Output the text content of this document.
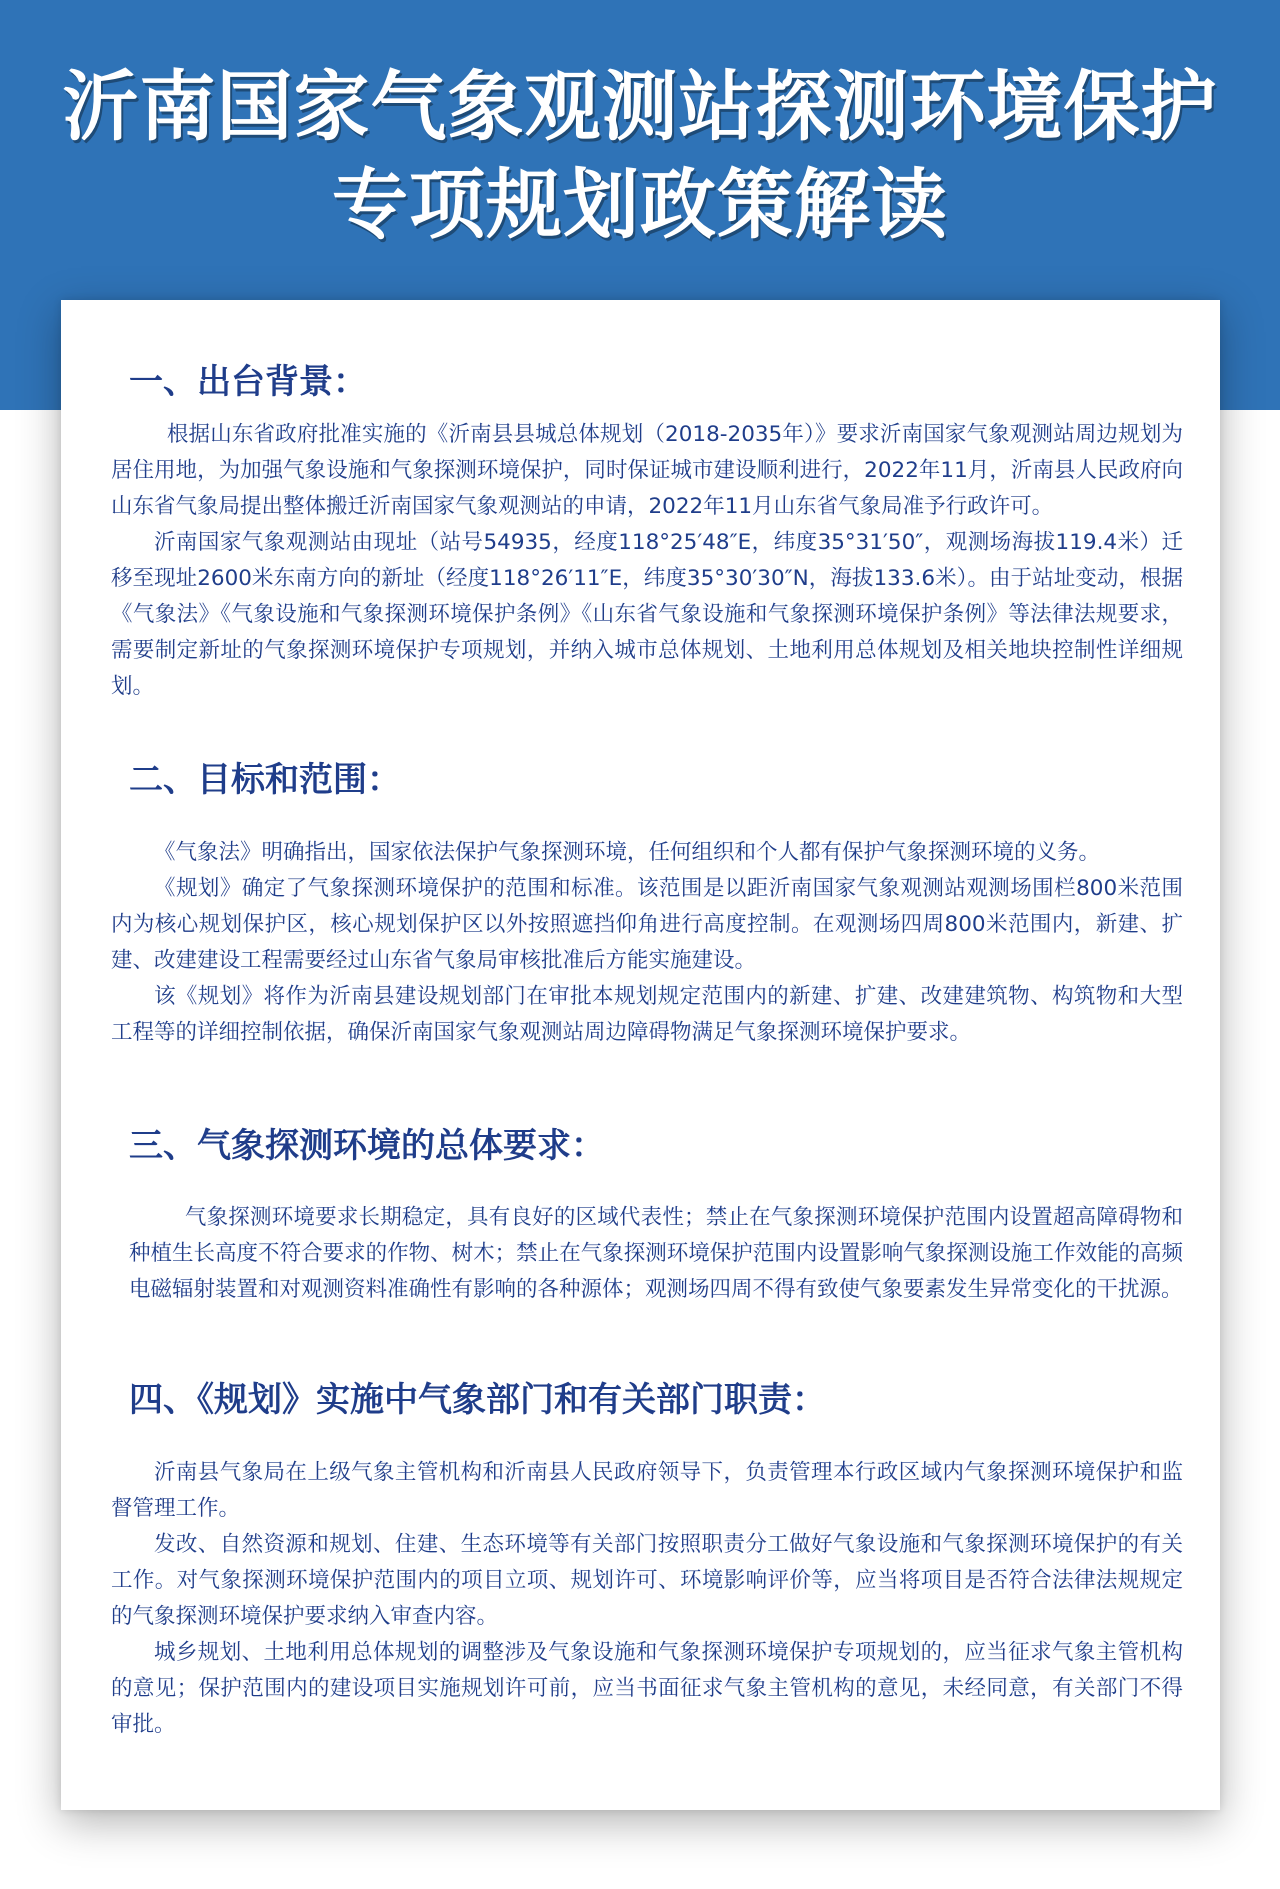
沂南国家气象观测站探测环境保护
专项规划政策解读
一、出台背景：

根据山东省政府批准实施的《沂南县县城总体规划（2018-2035年）》要求沂南国家气象观测站周边规划为居住用地，为加强气象设施和气象探测环境保护，同时保证城市建设顺利进行，2022年11月，沂南县人民政府向山东省气象局提出整体搬迁沂南国家气象观测站的申请，2022年11月山东省气象局准予行政许可。

沂南国家气象观测站由现址（站号54935，经度118°25′48″E，纬度35°31′50″，观测场海拔119.4米）迁移至现址2600米东南方向的新址（经度118°26′11″E，纬度35°30′30″N，海拔133.6米）。由于站址变动，根据《气象法》《气象设施和气象探测环境保护条例》《山东省气象设施和气象探测环境保护条例》等法律法规要求，需要制定新址的气象探测环境保护专项规划，并纳入城市总体规划、土地利用总体规划及相关地块控制性详细规划。

二、目标和范围：

《气象法》明确指出，国家依法保护气象探测环境，任何组织和个人都有保护气象探测环境的义务。

《规划》确定了气象探测环境保护的范围和标准。该范围是以距沂南国家气象观测站观测场围栏800米范围内为核心规划保护区，核心规划保护区以外按照遮挡仰角进行高度控制。在观测场四周800米范围内，新建、扩建、改建建设工程需要经过山东省气象局审核批准后方能实施建设。

该《规划》将作为沂南县建设规划部门在审批本规划规定范围内的新建、扩建、改建建筑物、构筑物和大型工程等的详细控制依据，确保沂南国家气象观测站周边障碍物满足气象探测环境保护要求。

三、气象探测环境的总体要求：

气象探测环境要求长期稳定，具有良好的区域代表性；禁止在气象探测环境保护范围内设置超高障碍物和种植生长高度不符合要求的作物、树木；禁止在气象探测环境保护范围内设置影响气象探测设施工作效能的高频电磁辐射装置和对观测资料准确性有影响的各种源体；观测场四周不得有致使气象要素发生异常变化的干扰源。

四、《规划》实施中气象部门和有关部门职责：

沂南县气象局在上级气象主管机构和沂南县人民政府领导下，负责管理本行政区域内气象探测环境保护和监督管理工作。

发改、自然资源和规划、住建、生态环境等有关部门按照职责分工做好气象设施和气象探测环境保护的有关工作。对气象探测环境保护范围内的项目立项、规划许可、环境影响评价等，应当将项目是否符合法律法规规定的气象探测环境保护要求纳入审查内容。

城乡规划、土地利用总体规划的调整涉及气象设施和气象探测环境保护专项规划的，应当征求气象主管机构的意见；保护范围内的建设项目实施规划许可前，应当书面征求气象主管机构的意见，未经同意，有关部门不得审批。
